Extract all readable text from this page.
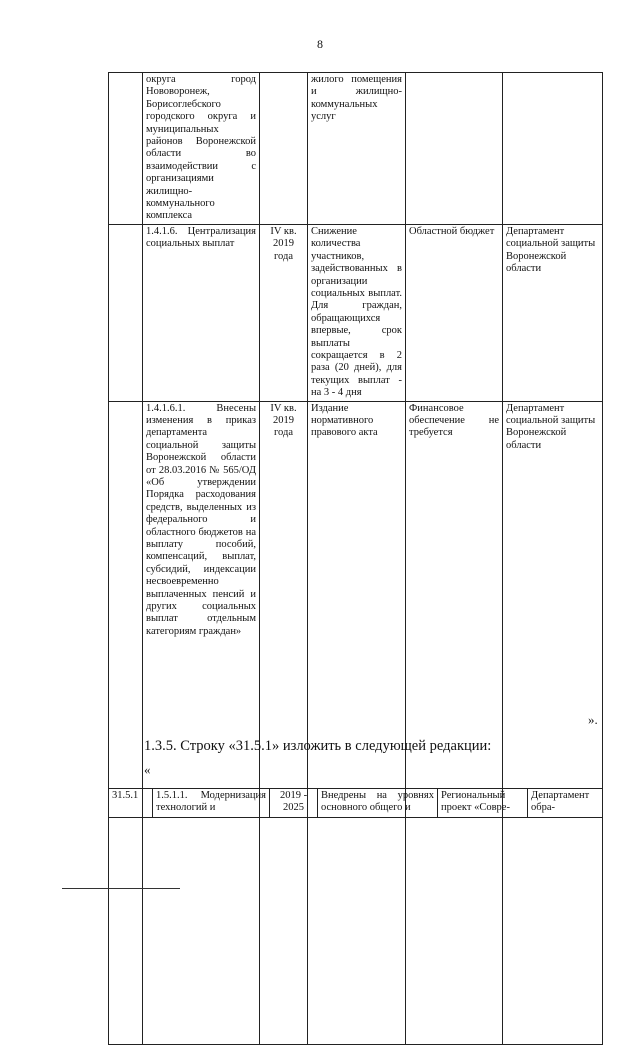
8
	округа город Нововоронеж, Борисоглебского городского округа и муниципальных районов Воронежской области во взаимодействии с организациями жилищно-коммунального комплекса		жилого помещения и жилищно-коммунальных услуг		
	1.4.1.6. Централизация социальных выплат	IV кв. 2019 года	Снижение количества участников, задействованных в организации социальных выплат. Для граждан, обращающихся впервые, срок выплаты сокращается в 2 раза (20 дней), для текущих выплат - на 3 - 4 дня	Областной бюджет	Департамент социальной защиты Воронежской области
	1.4.1.6.1. Внесены изменения в приказ департамента социальной защиты Воронежской области от 28.03.2016 № 565/ОД «Об утверждении Порядка расходования средств, выделенных из федерального и областного бюджетов на выплату пособий, компенсаций, выплат, субсидий, индексации несвоевременно выплаченных пенсий и других социальных выплат отдельным категориям граждан»	IV кв. 2019 года	Издание нормативного правового акта	Финансовое обеспечение не требуется	Департамент социальной защиты Воронежской области
».
1.3.5. Строку «31.5.1» изложить в следующей редакции:
«
31.5.1	1.5.1.1. Модернизация технологий и	2019 - 2025	Внедрены на уровнях основного общего и	Региональный проект «Совре-	Департамент обра-
